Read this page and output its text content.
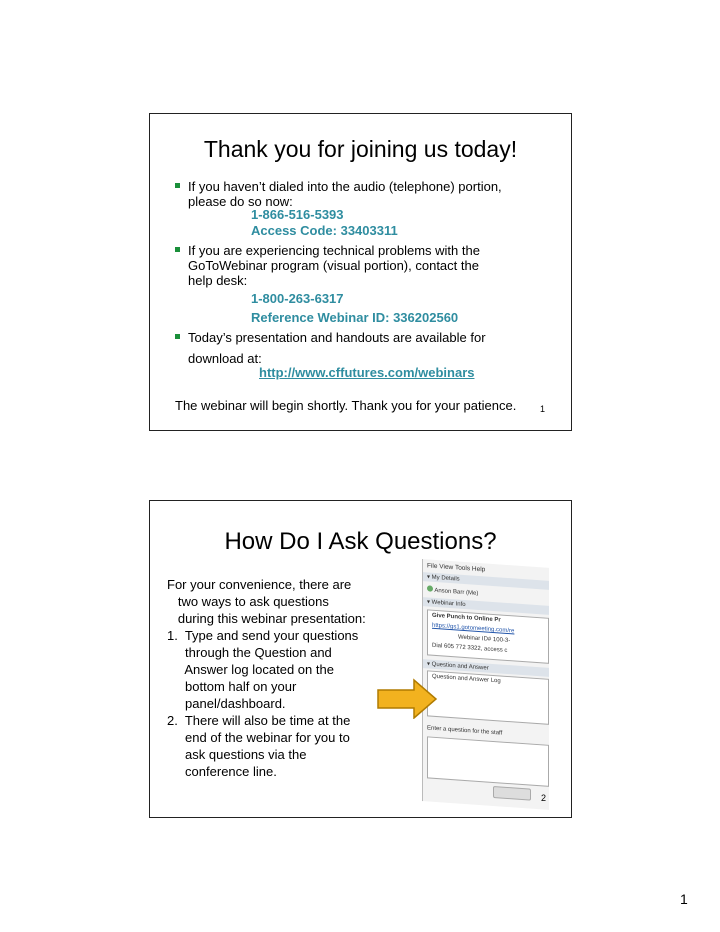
Thank you for joining us today!
If you haven’t dialed into the audio (telephone) portion,
please do so now:
1-866-516-5393
Access Code: 33403311
If you are experiencing technical problems with the
GoToWebinar program (visual portion), contact the
help desk:
1-800-263-6317
Reference Webinar ID: 336202560
Today’s presentation and handouts are available for
download at:
http://www.cffutures.com/webinars
The webinar will begin shortly. Thank you for your patience.	1
How Do I Ask Questions?
For your convenience, there are
two ways to ask questions
during this webinar presentation:
1.  Type and send your questions
through the Question and
Answer log located on the
bottom half on your
panel/dashboard.
2.  There will also be time at the
end of the webinar for you to
ask questions via the
conference line.
File View Tools Help
▾ My Details
Anson Barr (Me)
▾ Webinar Info
Give Punch to Online Pr
https://gs1.gotomeeting.com/re
Webinar ID# 100-3-
Dial 605 772 3322, access c
▾ Question and Answer
Question and Answer Log
Enter a question for the staff
2
1
